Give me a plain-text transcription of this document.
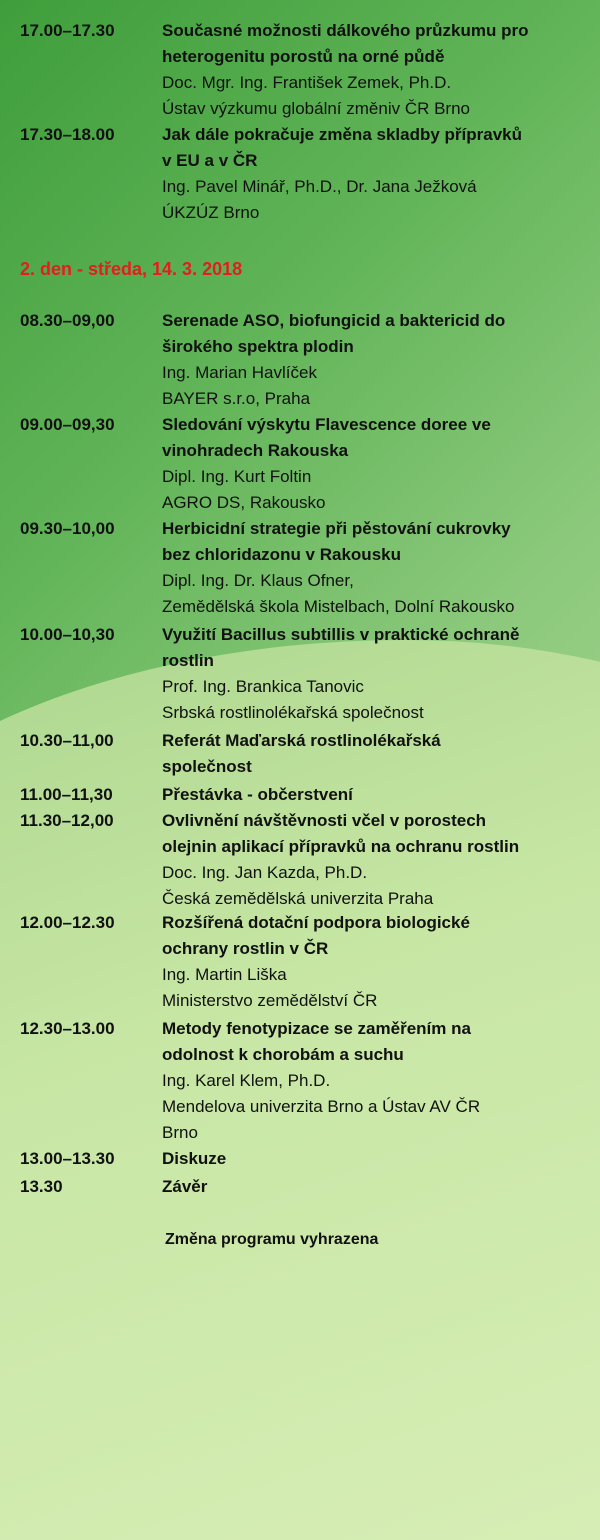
17.00–17.30	Současné možnosti dálkového průzkumu pro
heterogenitu porostů na orné půdě
Doc. Mgr. Ing. František Zemek, Ph.D.
Ústav výzkumu globální změniv ČR Brno
17.30–18.00	Jak dále pokračuje změna skladby přípravků
v EU a v ČR
Ing. Pavel Minář, Ph.D., Dr. Jana Ježková
ÚKZÚZ Brno
2. den - středa, 14. 3. 2018
08.30–09,00	Serenade ASO, biofungicid a baktericid do
širokého spektra plodin
Ing. Marian Havlíček
BAYER s.r.o, Praha
09.00–09,30	Sledování výskytu Flavescence doree ve
vinohradech Rakouska
Dipl. Ing. Kurt Foltin
AGRO DS, Rakousko
09.30–10,00	Herbicidní strategie při pěstování cukrovky
bez chloridazonu v Rakousku
Dipl. Ing. Dr. Klaus Ofner,
Zemědělská škola Mistelbach, Dolní Rakousko
10.00–10,30	Využití Bacillus subtillis v praktické ochraně
rostlin
Prof. Ing. Brankica Tanovic
Srbská rostlinolékařská společnost
10.30–11,00	Referát Maďarská rostlinolékařská
společnost
11.00–11,30	Přestávka - občerstvení
11.30–12,00	Ovlivnění návštěvnosti včel v porostech
olejnin aplikací přípravků na ochranu rostlin
Doc. Ing. Jan Kazda, Ph.D.
Česká zemědělská univerzita Praha
12.00–12.30	Rozšířená dotační podpora biologické
ochrany rostlin v ČR
Ing. Martin Liška
Ministerstvo zemědělství ČR
12.30–13.00	Metody fenotypizace se zaměřením na
odolnost k chorobám a suchu
Ing. Karel Klem, Ph.D.
Mendelova univerzita Brno a Ústav AV ČR
Brno
13.00–13.30	Diskuze
13.30	Závěr
Změna programu vyhrazena
